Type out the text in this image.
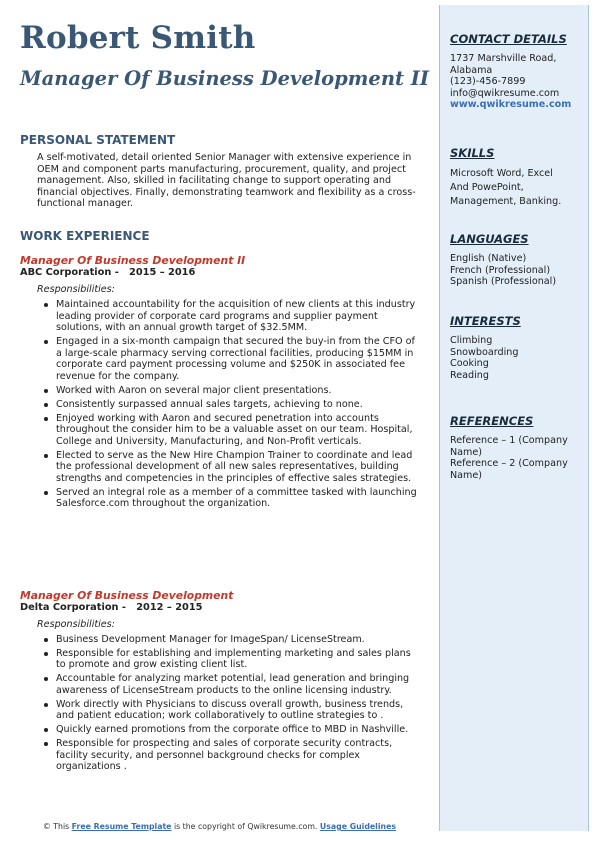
Robert Smith
Manager Of Business Development II
PERSONAL STATEMENT

A self-motivated, detail oriented Senior Manager with extensive experience in OEM and component parts manufacturing, procurement, quality, and project management. Also, skilled in facilitating change to support operating and financial objectives. Finally, demonstrating teamwork and flexibility as a cross-functional manager.

WORK EXPERIENCE

Manager Of Business Development II

ABC Corporation -   2015 – 2016

Responsibilities:

Maintained accountability for the acquisition of new clients at this industry leading provider of corporate card programs and supplier payment solutions, with an annual growth target of $32.5MM.
Engaged in a six-month campaign that secured the buy-in from the CFO of a large-scale pharmacy serving correctional facilities, producing $15MM in corporate card payment processing volume and $250K in associated fee revenue for the company.
Worked with Aaron on several major client presentations.
Consistently surpassed annual sales targets, achieving to none.
Enjoyed working with Aaron and secured penetration into accounts throughout the consider him to be a valuable asset on our team. Hospital, College and University, Manufacturing, and Non-Profit verticals.
Elected to serve as the New Hire Champion Trainer to coordinate and lead the professional development of all new sales representatives, building strengths and competencies in the principles of effective sales strategies.
Served an integral role as a member of a committee tasked with launching Salesforce.com throughout the organization.

Manager Of Business Development

Delta Corporation -   2012 – 2015

Responsibilities:

Business Development Manager for ImageSpan/ LicenseStream.
Responsible for establishing and implementing marketing and sales plans to promote and grow existing client list.
Accountable for analyzing market potential, lead generation and bringing awareness of LicenseStream products to the online licensing industry.
Work directly with Physicians to discuss overall growth, business trends, and patient education; work collaboratively to outline strategies to .
Quickly earned promotions from the corporate office to MBD in Nashville.
Responsible for prospecting and sales of corporate security contracts, facility security, and personnel background checks for complex organizations .

CONTACT DETAILS

1737 Marshville Road,

Alabama

(123)-456-7899

info@qwikresume.com

www.qwikresume.com

SKILLS

Microsoft Word, Excel

And PowePoint,

Management, Banking.

LANGUAGES

English (Native)

French (Professional)

Spanish (Professional)

INTERESTS

Climbing

Snowboarding

Cooking

Reading

REFERENCES

Reference – 1 (Company

Name)

Reference – 2 (Company

Name)

© This Free Resume Template is the copyright of Qwikresume.com. Usage Guidelines
